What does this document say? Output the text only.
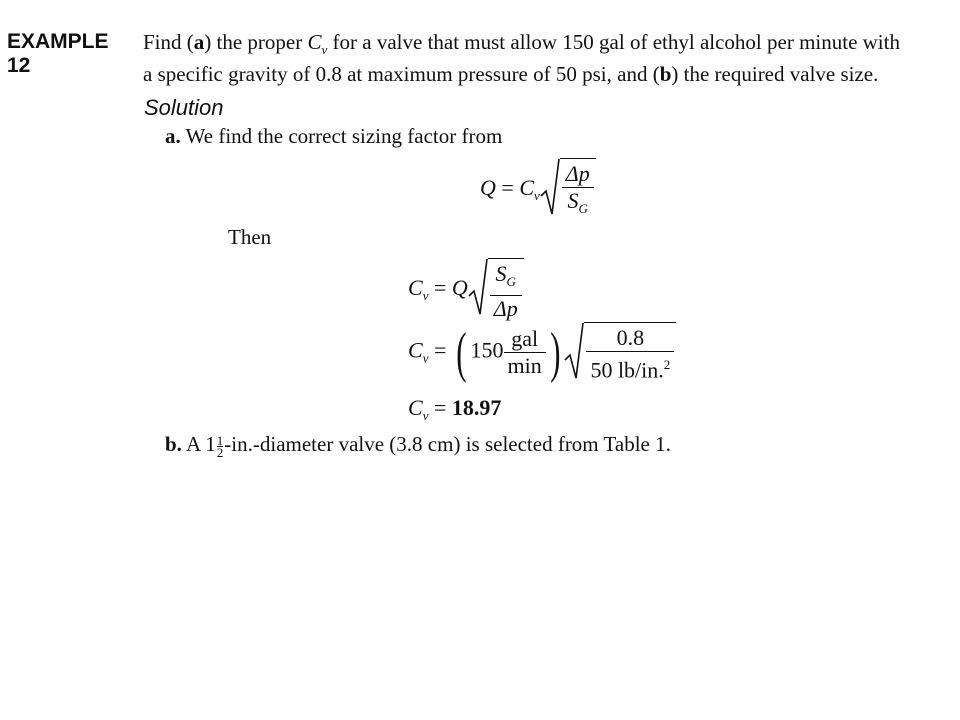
EXAMPLE
12
Find (a) the proper $C_v$ for a valve that must allow 150 gal of ethyl alcohol per minute with
a specific gravity of 0.8 at maximum pressure of 50 psi, and (b) the required valve size.
Solution
a. We find the correct sizing factor from
$Q = C_v \frac{\Delta p}{S_G}$
Then
$C_v = Q \frac{S_G}{\Delta p}$
$C_v$ = ( $150 \frac{\text{gal}}{\min}$ ) $\frac{0.8}{50 lb/in.^2}$
$C_v = 18.97$
b. A $1 \frac{1}{2}$ -in.-diameter valve (3.8 cm) is selected from Table 1.
